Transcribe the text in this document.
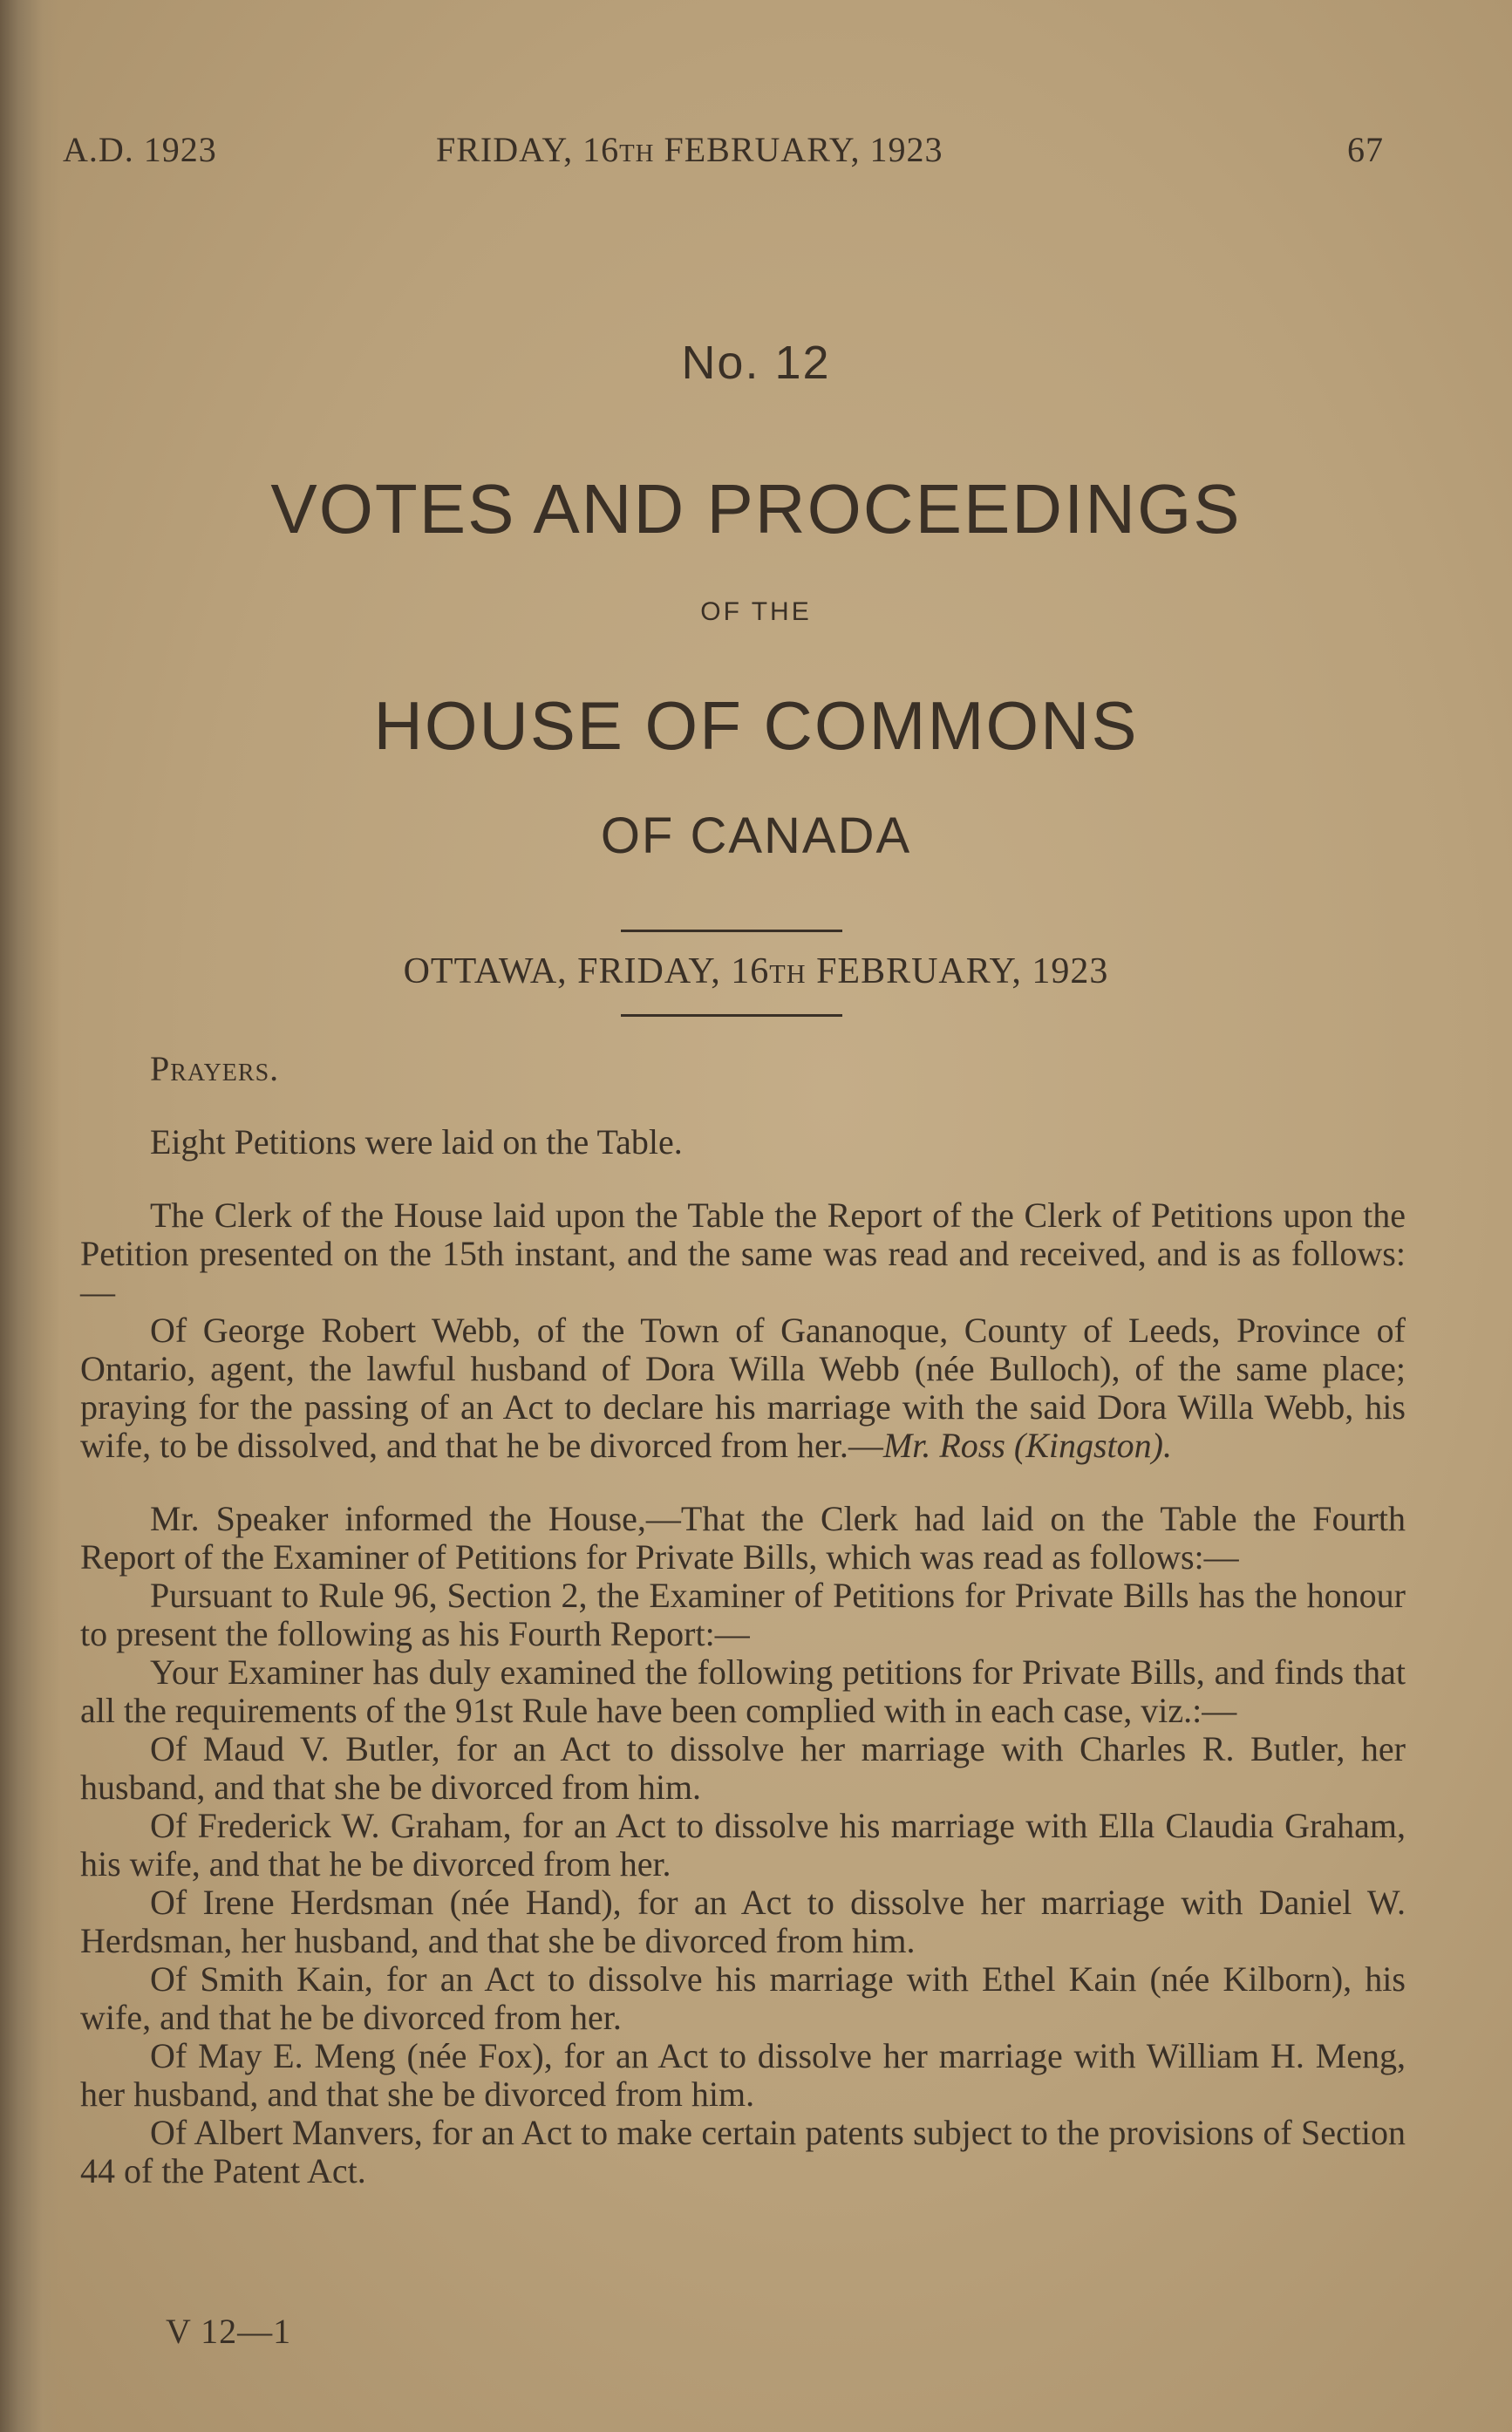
A.D. 1923	FRIDAY, 16TH FEBRUARY, 1923	67
No. 12
VOTES AND PROCEEDINGS
OF THE
HOUSE OF COMMONS
OF CANADA
OTTAWA, FRIDAY, 16TH FEBRUARY, 1923

Prayers.

Eight Petitions were laid on the Table.

The Clerk of the House laid upon the Table the Report of the Clerk of Petitions upon the Petition presented on the 15th instant, and the same was read and received, and is as follows:—

Of George Robert Webb, of the Town of Gananoque, County of Leeds, Province of Ontario, agent, the lawful husband of Dora Willa Webb (née Bulloch), of the same place; praying for the passing of an Act to declare his marriage with the said Dora Willa Webb, his wife, to be dissolved, and that he be divorced from her.—Mr. Ross (Kingston).

Mr. Speaker informed the House,—That the Clerk had laid on the Table the Fourth Report of the Examiner of Petitions for Private Bills, which was read as follows:—

Pursuant to Rule 96, Section 2, the Examiner of Petitions for Private Bills has the honour to present the following as his Fourth Report:—

Your Examiner has duly examined the following petitions for Private Bills, and finds that all the requirements of the 91st Rule have been complied with in each case, viz.:—

Of Maud V. Butler, for an Act to dissolve her marriage with Charles R. Butler, her husband, and that she be divorced from him.

Of Frederick W. Graham, for an Act to dissolve his marriage with Ella Claudia Graham, his wife, and that he be divorced from her.

Of Irene Herdsman (née Hand), for an Act to dissolve her marriage with Daniel W. Herdsman, her husband, and that she be divorced from him.

Of Smith Kain, for an Act to dissolve his marriage with Ethel Kain (née Kilborn), his wife, and that he be divorced from her.

Of May E. Meng (née Fox), for an Act to dissolve her marriage with William H. Meng, her husband, and that she be divorced from him.

Of Albert Manvers, for an Act to make certain patents subject to the provisions of Section 44 of the Patent Act.

V 12—1
